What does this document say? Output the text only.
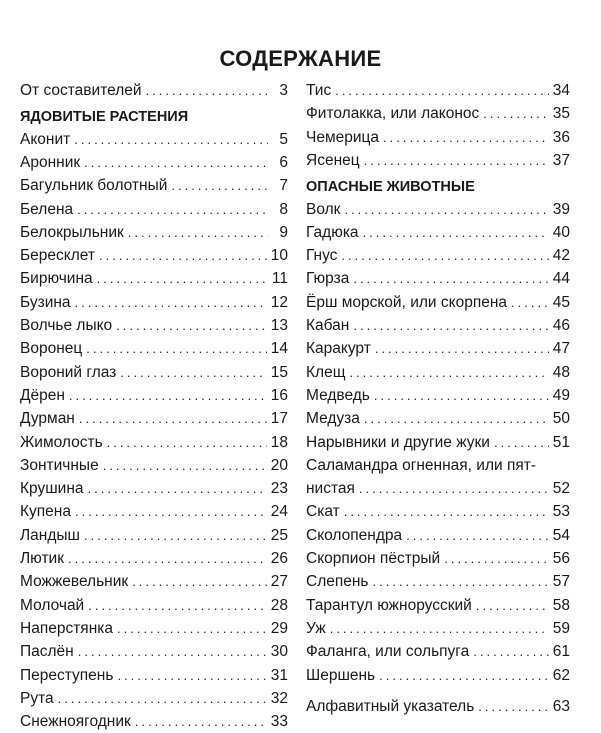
СОДЕРЖАНИЕ
От составителей .....	3
ЯДОВИТЫЕ РАСТЕНИЯ
Аконит .....	5
Аронник .....	6
Багульник болотный .....	7
Белена .....	8
Белокрыльник .....	9
Бересклет .....	10
Бирючина .....	11
Бузина .....	12
Волчье лыко .....	13
Воронец .....	14
Вороний глаз .....	15
Дёрен .....	16
Дурман .....	17
Жимолость .....	18
Зонтичные .....	20
Крушина .....	23
Купена .....	24
Ландыш .....	25
Лютик .....	26
Можжевельник .....	27
Молочай .....	28
Наперстянка .....	29
Паслён .....	30
Переступень .....	31
Рута .....	32
Снежноягодник .....	33
Тис .....	34
Фитолакка, или лаконос .....	35
Чемерица .....	36
Ясенец .....	37
ОПАСНЫЕ ЖИВОТНЫЕ
Волк .....	39
Гадюка .....	40
Гнус .....	42
Гюрза .....	44
Ёрш морской, или скорпена .....	45
Кабан .....	46
Каракурт .....	47
Клещ .....	48
Медведь .....	49
Медуза .....	50
Нарывники и другие жуки .....	51
Саламандра огненная, или пят-
нистая .....	52
Скат .....	53
Сколопендра .....	54
Скорпион пёстрый .....	56
Слепень .....	57
Тарантул южнорусский .....	58
Уж .....	59
Фаланга, или сольпуга .....	61
Шершень .....	62
Алфавитный указатель .....	63
